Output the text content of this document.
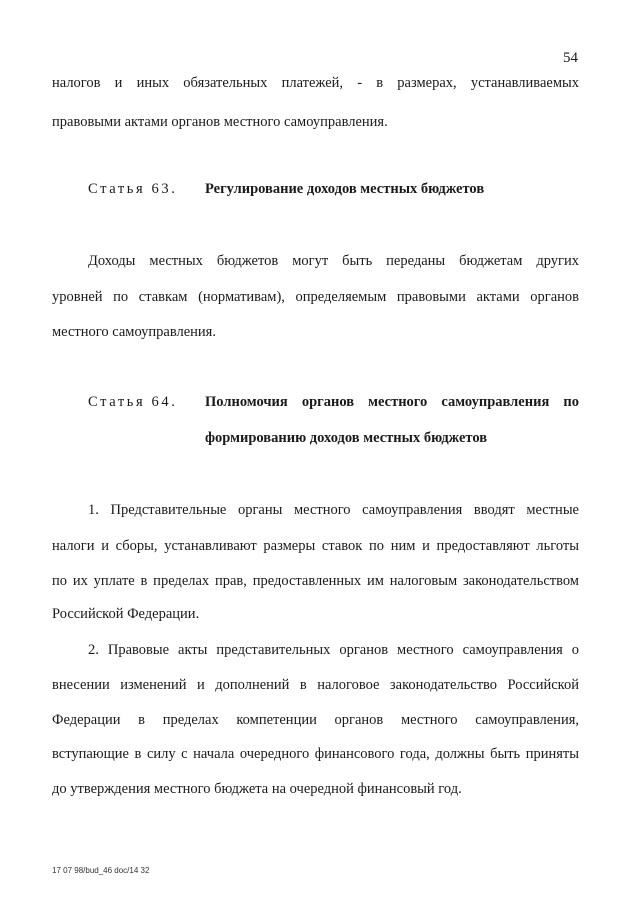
54
налогов и иных обязательных платежей, - в размерах, устанавливаемых
правовыми актами органов местного самоуправления.
Статья 63. Регулирование доходов местных бюджетов
Доходы местных бюджетов могут быть переданы бюджетам других
уровней по ставкам (нормативам), определяемым правовыми актами органов
местного самоуправления.
Статья 64. Полномочия органов местного самоуправления по
формированию доходов местных бюджетов
1. Представительные органы местного самоуправления вводят местные
налоги и сборы, устанавливают размеры ставок по ним и предоставляют льготы
по их уплате в пределах прав, предоставленных им налоговым законодательством
Российской Федерации.
2. Правовые акты представительных органов местного самоуправления о
внесении изменений и дополнений в налоговое законодательство Российской
Федерации в пределах компетенции органов местного самоуправления,
вступающие в силу с начала очередного финансового года, должны быть приняты
до утверждения местного бюджета на очередной финансовый год.
17 07 98/bud_46 doc/14 32
